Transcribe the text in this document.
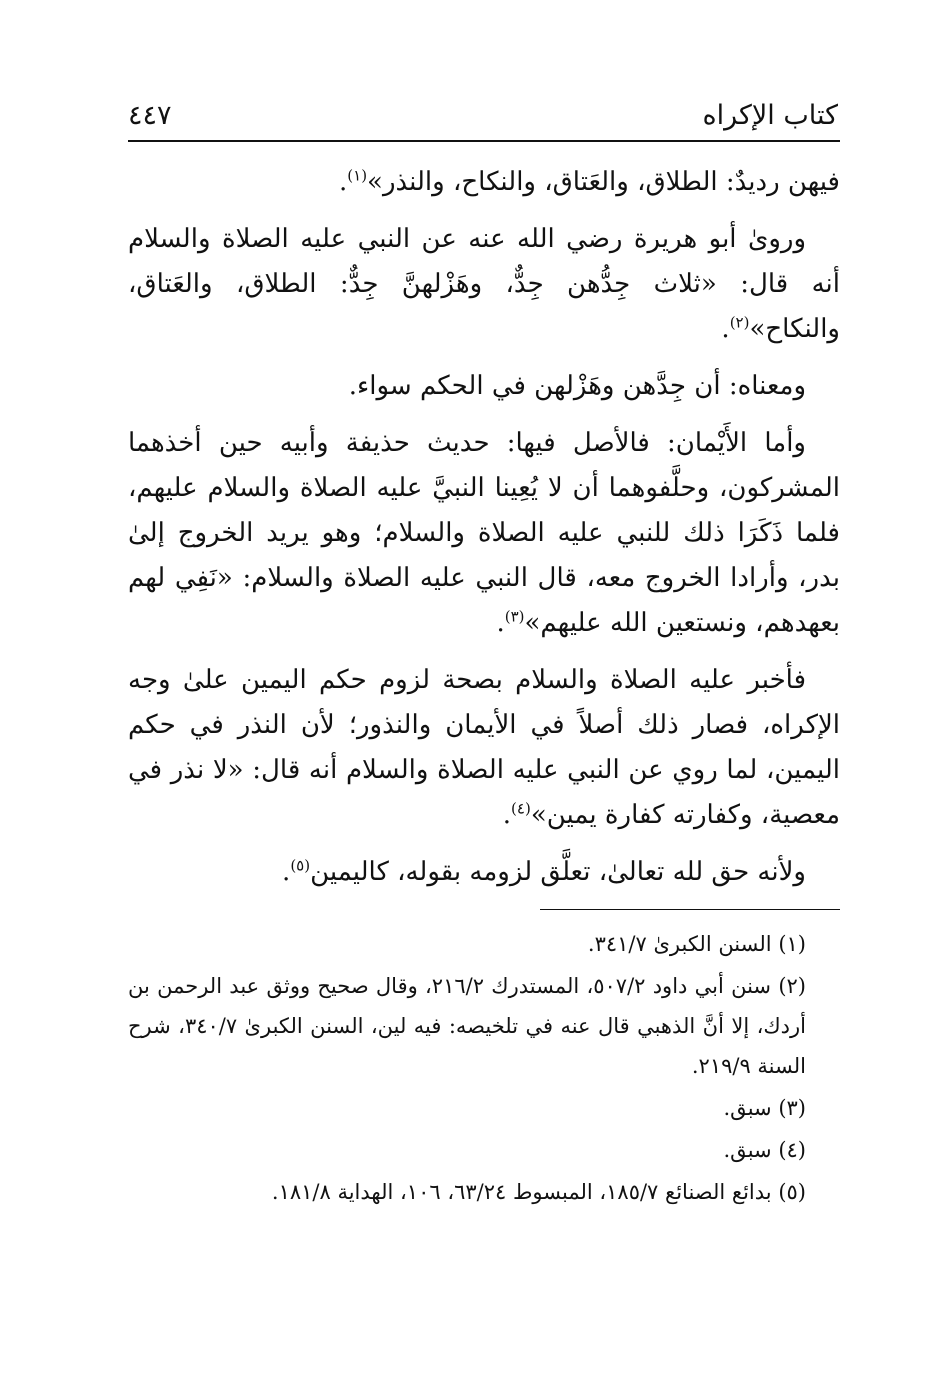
كتاب الإكراه
٤٤٧

فيهن رديدٌ: الطلاق، والعَتاق، والنكاح، والنذر»$^{(١)}$.

ورویٰ أبو هريرة رضي الله عنه عن النبي عليه الصلاة والسلام أنه قال: «ثلاث جِدُّهن جِدٌّ، وهَزْلهنَّ جِدٌّ: الطلاق، والعَتاق، والنكاح»$^{(٢)}$.

ومعناه: أن جِدَّهن وهَزْلهن في الحكم سواء.

وأما الأَيْمان: فالأصل فيها: حديث حذيفة وأبيه حين أخذهما المشركون، وحلَّفوهما أن لا يُعِينا النبيَّ عليه الصلاة والسلام عليهم، فلما ذَكَرَا ذلك للنبي عليه الصلاة والسلام؛ وهو يريد الخروج إلىٰ بدر، وأرادا الخروج معه، قال النبي عليه الصلاة والسلام: «نَفِي لهم بعهدهم، ونستعين الله عليهم»$^{(٣)}$.

فأخبر عليه الصلاة والسلام بصحة لزوم حكم اليمين علىٰ وجه الإكراه، فصار ذلك أصلاً في الأيمان والنذور؛ لأن النذر في حكم اليمين، لما روي عن النبي عليه الصلاة والسلام أنه قال: «لا نذر في معصية، وكفارته كفارة يمين»$^{(٤)}$.

ولأنه حق لله تعالىٰ، تعلَّق لزومه بقوله، كاليمين$^{(٥)}$.

(١) السنن الكبرىٰ ٣٤١/٧.
(٢) سنن أبي داود ٥٠٧/٢، المستدرك ٢١٦/٢، وقال صحيح ووثق عبد الرحمن بن أردك، إلا أنَّ الذهبي قال عنه في تلخيصه: فيه لين، السنن الكبرىٰ ٣٤٠/٧، شرح السنة ٢١٩/٩.
(٣) سبق.
(٤) سبق.
(٥) بدائع الصنائع ١٨٥/٧، المبسوط ٦٣/٢٤، ١٠٦، الهداية ١٨١/٨.
